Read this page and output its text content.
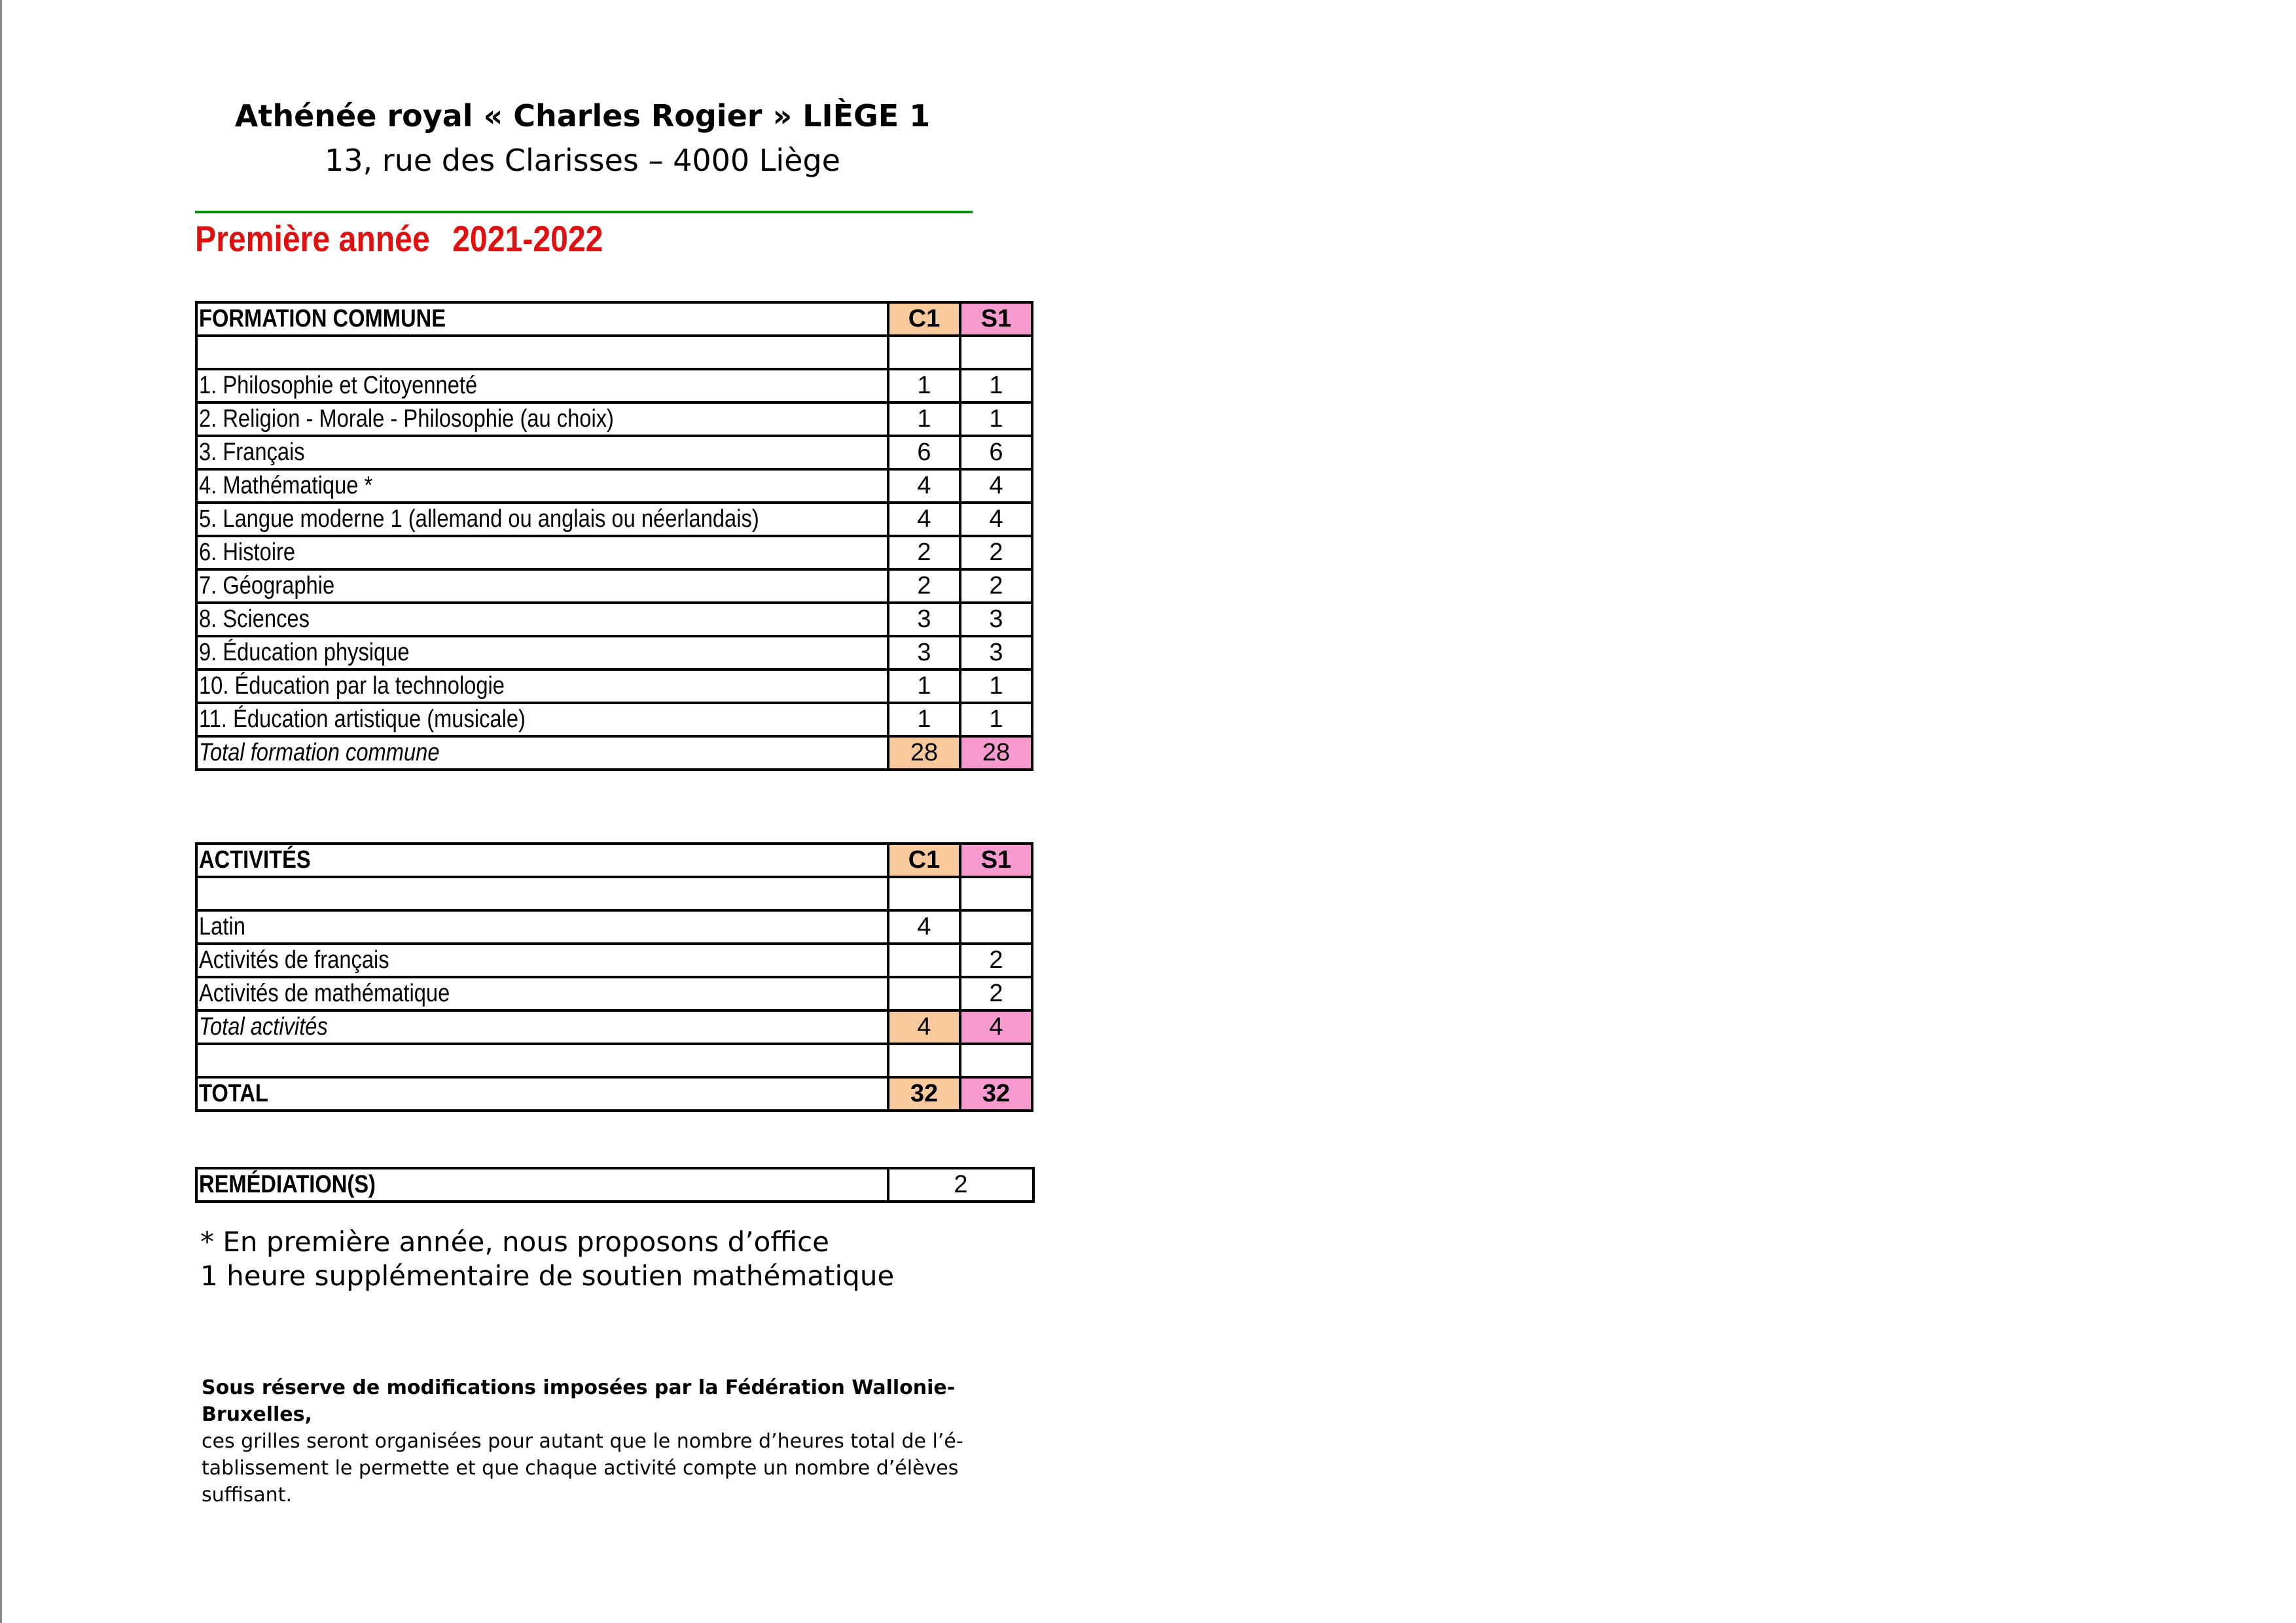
Athénée royal « Charles Rogier » LIÈGE 1
13, rue des Clarisses – 4000 Liège
Première année 2021-2022
FORMATION COMMUNE	C1	S1

1. Philosophie et Citoyenneté	1	1
2. Religion - Morale - Philosophie (au choix)	1	1
3. Français	6	6
4. Mathématique *	4	4
5. Langue moderne 1 (allemand ou anglais ou néerlandais)	4	4
6. Histoire	2	2
7. Géographie	2	2
8. Sciences	3	3
9. Éducation physique	3	3
10. Éducation par la technologie	1	1
11. Éducation artistique (musicale)	1	1
Total formation commune	28	28
ACTIVITÉS	C1	S1

Latin	4	
Activités de français		2
Activités de mathématique		2
Total activités	4	4

TOTAL	32	32
REMÉDIATION(S)	2
* En première année, nous proposons d’office
1 heure supplémentaire de soutien mathématique
Sous réserve de modifications imposées par la Fédération Wallonie-Bruxelles,
ces grilles seront organisées pour autant que le nombre d’heures total de l’é-tablissement le permette et que chaque activité compte un nombre d’élèves suffisant.
